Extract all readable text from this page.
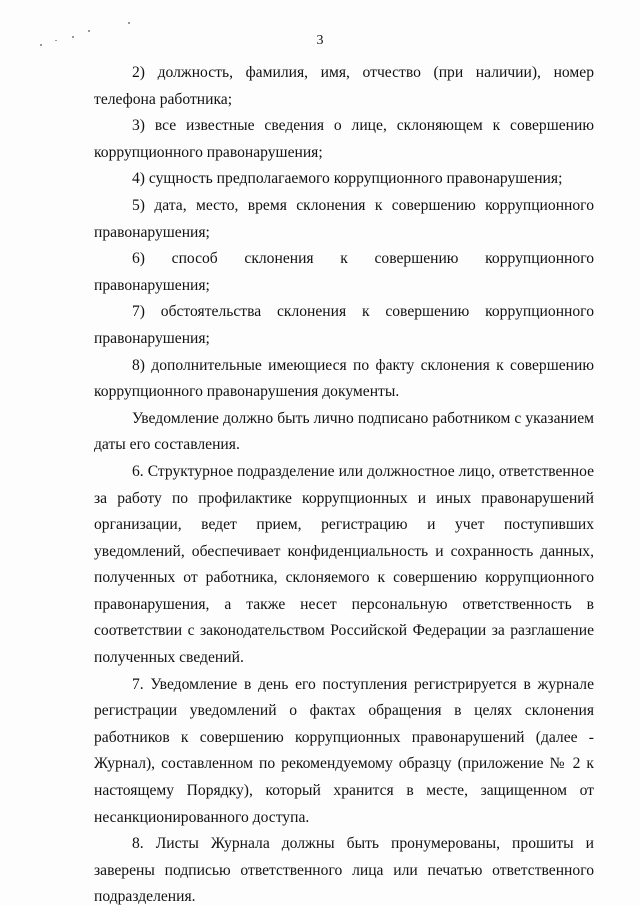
3

2) должность, фамилия, имя, отчество (при наличии), номер телефона работника;

3) все известные сведения о лице, склоняющем к совершению коррупционного правонарушения;

4) сущность предполагаемого коррупционного правонарушения;

5) дата, место, время склонения к совершению коррупционного правонарушения;

6) способ склонения к совершению коррупционного правонарушения;

7) обстоятельства склонения к совершению коррупционного правонарушения;

8) дополнительные имеющиеся по факту склонения к совершению коррупционного правонарушения документы.

Уведомление должно быть лично подписано работником с указанием даты его составления.

6. Структурное подразделение или должностное лицо, ответственное за работу по профилактике коррупционных и иных правонарушений организации, ведет прием, регистрацию и учет поступивших уведомлений, обеспечивает конфиденциальность и сохранность данных, полученных от работника, склоняемого к совершению коррупционного правонарушения, а также несет персональную ответственность в соответствии с законодательством Российской Федерации за разглашение полученных сведений.

7. Уведомление в день его поступления регистрируется в журнале регистрации уведомлений о фактах обращения в целях склонения работников к совершению коррупционных правонарушений (далее - Журнал), составленном по рекомендуемому образцу (приложение № 2 к настоящему Порядку), который хранится в месте, защищенном от несанкционированного доступа.

8. Листы Журнала должны быть пронумерованы, прошиты и заверены подписью ответственного лица или печатью ответственного подразделения.
